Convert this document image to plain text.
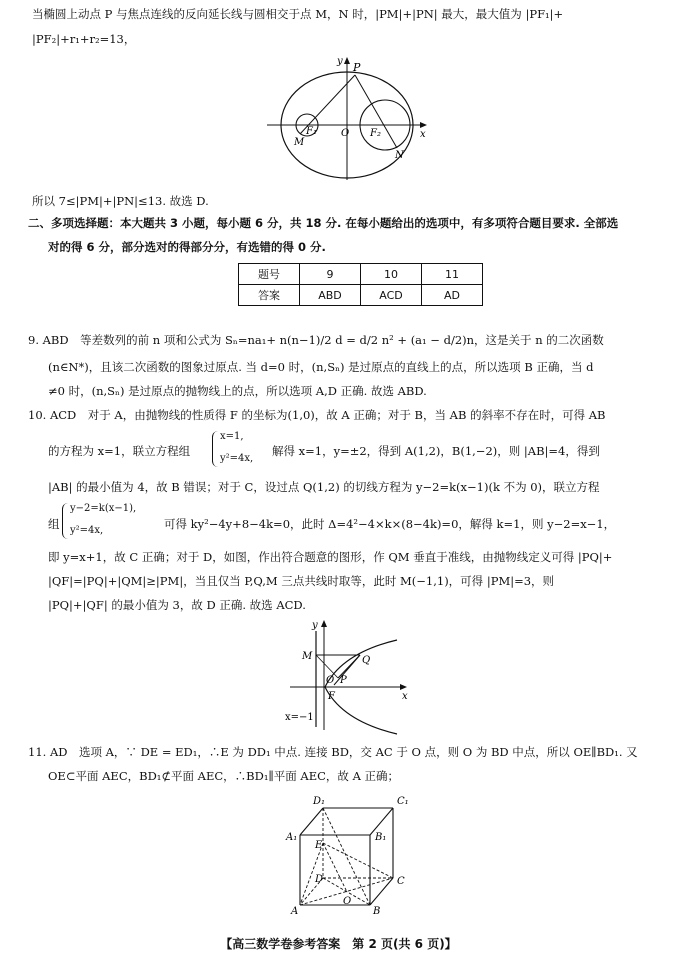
当椭圆上动点 P 与焦点连线的反向延长线与圆相交于点 M，N 时，|PM|+|PN| 最大，最大值为 |PF₁|+
|PF₂|+r₁+r₂=13，
P
y
x
F₁
M
O F₂
N
所以 7≤|PM|+|PN|≤13. 故选 D.
二、多项选择题：本大题共 3 小题，每小题 6 分，共 18 分. 在每小题给出的选项中，有多项符合题目要求. 全部选
对的得 6 分，部分选对的得部分分，有选错的得 0 分.
题号	9	10	11
答案	ABD	ACD	AD
9. ABD　等差数列的前 n 项和公式为 Sₙ=na₁+ n(n−1)/2 d = d/2 n² + (a₁ − d/2)n，这是关于 n 的二次函数
(n∈N*)，且该二次函数的图象过原点. 当 d=0 时，(n,Sₙ) 是过原点的直线上的点，所以选项 B 正确，当 d
≠0 时，(n,Sₙ) 是过原点的抛物线上的点，所以选项 A,D 正确. 故选 ABD.
10. ACD　对于 A，由抛物线的性质得 F 的坐标为(1,0)，故 A 正确；对于 B，当 AB 的斜率不存在时，可得 AB
的方程为 x=1，联立方程组
x=1,
y²=4x,
解得 x=1，y=±2，得到 A(1,2)，B(1,−2)，则 |AB|=4，得到
|AB| 的最小值为 4，故 B 错误；对于 C，设过点 Q(1,2) 的切线方程为 y−2=k(x−1)(k 不为 0)，联立方程
组
y−2=k(x−1),
y²=4x,	可得 ky²−4y+8−4k=0，此时 Δ=4²−4×k×(8−4k)=0，解得 k=1，则 y−2=x−1，
即 y=x+1，故 C 正确；对于 D，如图，作出符合题意的图形，作 QM 垂直于准线，由抛物线定义可得 |PQ|+
|QF|=|PQ|+|QM|≥|PM|，当且仅当 P,Q,M 三点共线时取等，此时 M(−1,1)，可得 |PM|=3，则
|PQ|+|QF| 的最小值为 3，故 D 正确. 故选 ACD.
y
x
M	Q
O P
F
x=−1
11. AD　选项 A，∵ DE = ED₁，∴E 为 DD₁ 中点. 连接 BD，交 AC 于 O 点，则 O 为 BD 中点，所以 OE∥BD₁. 又
OE⊂平面 AEC，BD₁⊄平面 AEC，∴BD₁∥平面 AEC，故 A 正确；
D₁	C₁
A₁	B₁
E
D	C
O
A	B
【高三数学卷参考答案　第 2 页(共 6 页)】
